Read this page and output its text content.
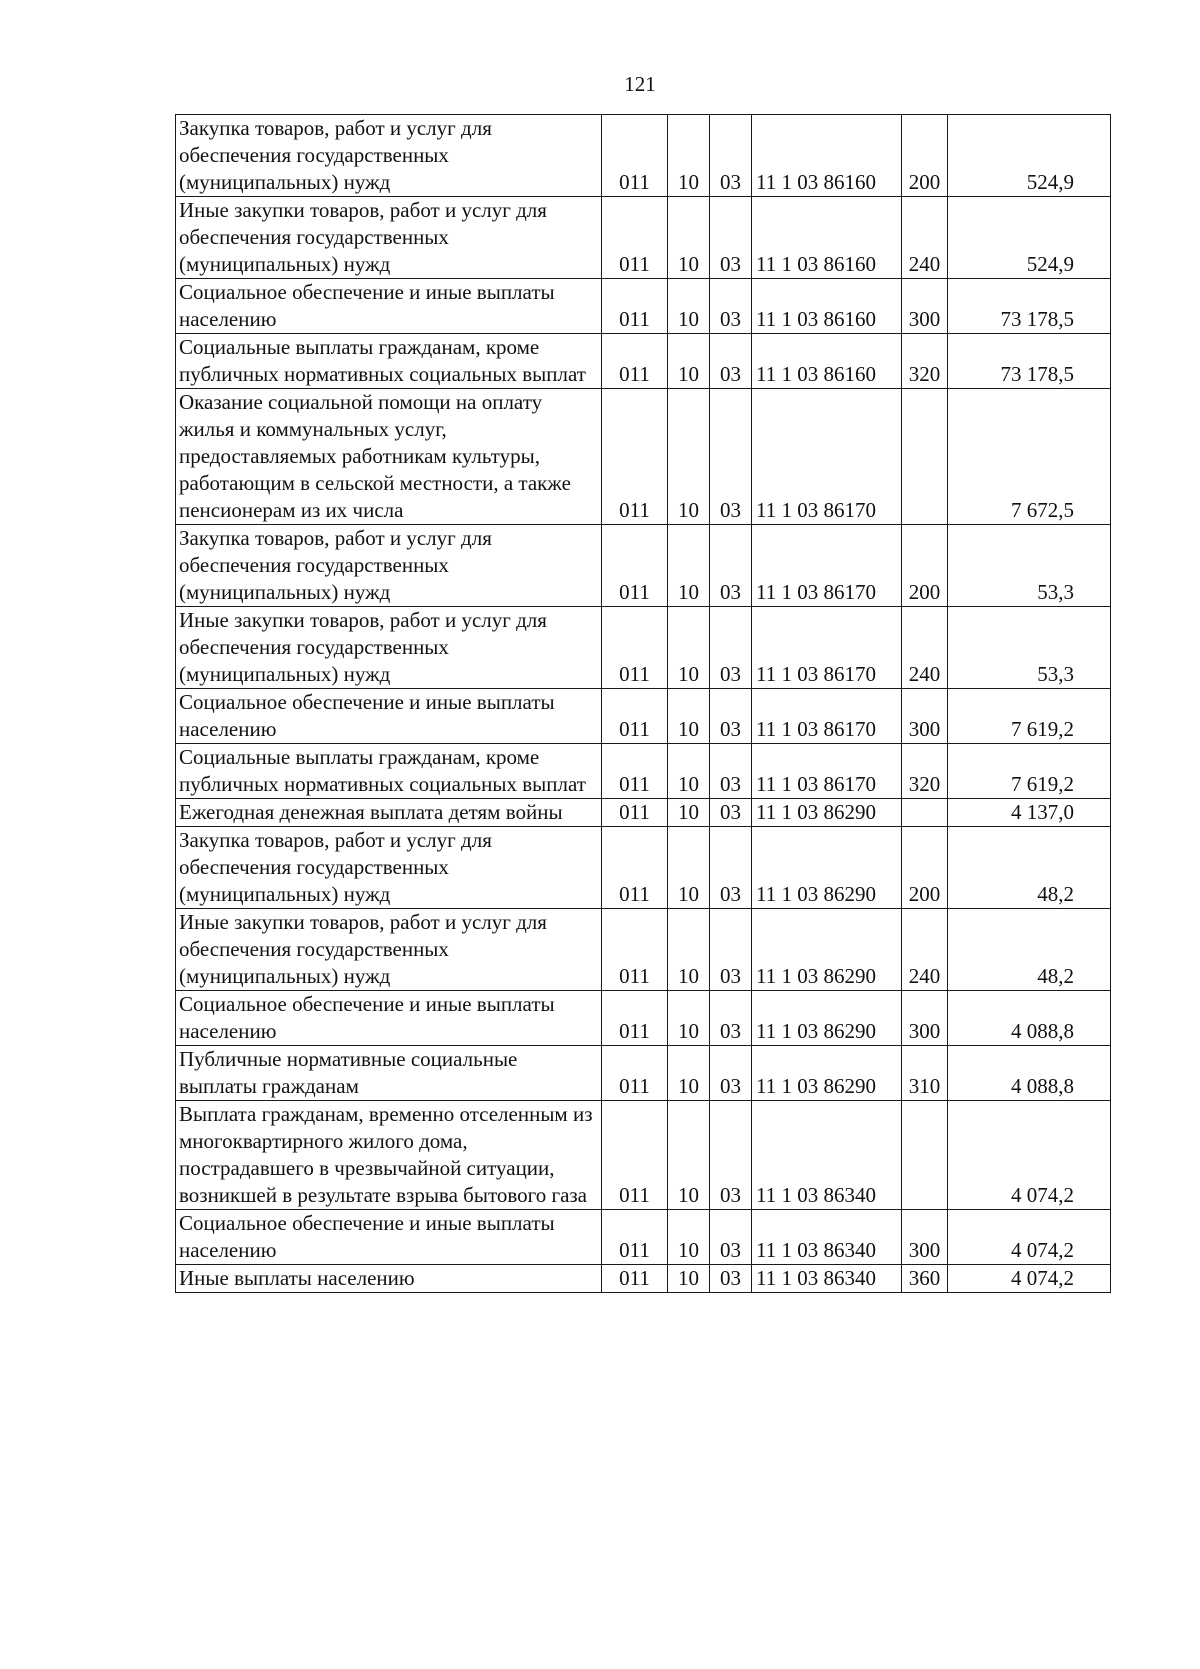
121
Закупка товаров, работ и услуг для обеспечения государственных (муниципальных) нужд	011	10	03	11 1 03 86160	200	524,9
Иные закупки товаров, работ и услуг для обеспечения государственных (муниципальных) нужд	011	10	03	11 1 03 86160	240	524,9
Социальное обеспечение и иные выплаты населению	011	10	03	11 1 03 86160	300	73 178,5
Социальные выплаты гражданам, кроме публичных нормативных социальных выплат	011	10	03	11 1 03 86160	320	73 178,5
Оказание социальной помощи на оплату жилья и коммунальных услуг, предоставляемых работникам культуры, работающим в сельской местности, а также пенсионерам из их числа	011	10	03	11 1 03 86170		7 672,5
Закупка товаров, работ и услуг для обеспечения государственных (муниципальных) нужд	011	10	03	11 1 03 86170	200	53,3
Иные закупки товаров, работ и услуг для обеспечения государственных (муниципальных) нужд	011	10	03	11 1 03 86170	240	53,3
Социальное обеспечение и иные выплаты населению	011	10	03	11 1 03 86170	300	7 619,2
Социальные выплаты гражданам, кроме публичных нормативных социальных выплат	011	10	03	11 1 03 86170	320	7 619,2
Ежегодная денежная выплата детям войны	011	10	03	11 1 03 86290		4 137,0
Закупка товаров, работ и услуг для обеспечения государственных (муниципальных) нужд	011	10	03	11 1 03 86290	200	48,2
Иные закупки товаров, работ и услуг для обеспечения государственных (муниципальных) нужд	011	10	03	11 1 03 86290	240	48,2
Социальное обеспечение и иные выплаты населению	011	10	03	11 1 03 86290	300	4 088,8
Публичные нормативные социальные выплаты гражданам	011	10	03	11 1 03 86290	310	4 088,8
Выплата гражданам, временно отселенным из многоквартирного жилого дома, пострадавшего в чрезвычайной ситуации, возникшей в результате взрыва бытового газа	011	10	03	11 1 03 86340		4 074,2
Социальное обеспечение и иные выплаты населению	011	10	03	11 1 03 86340	300	4 074,2
Иные выплаты населению	011	10	03	11 1 03 86340	360	4 074,2
